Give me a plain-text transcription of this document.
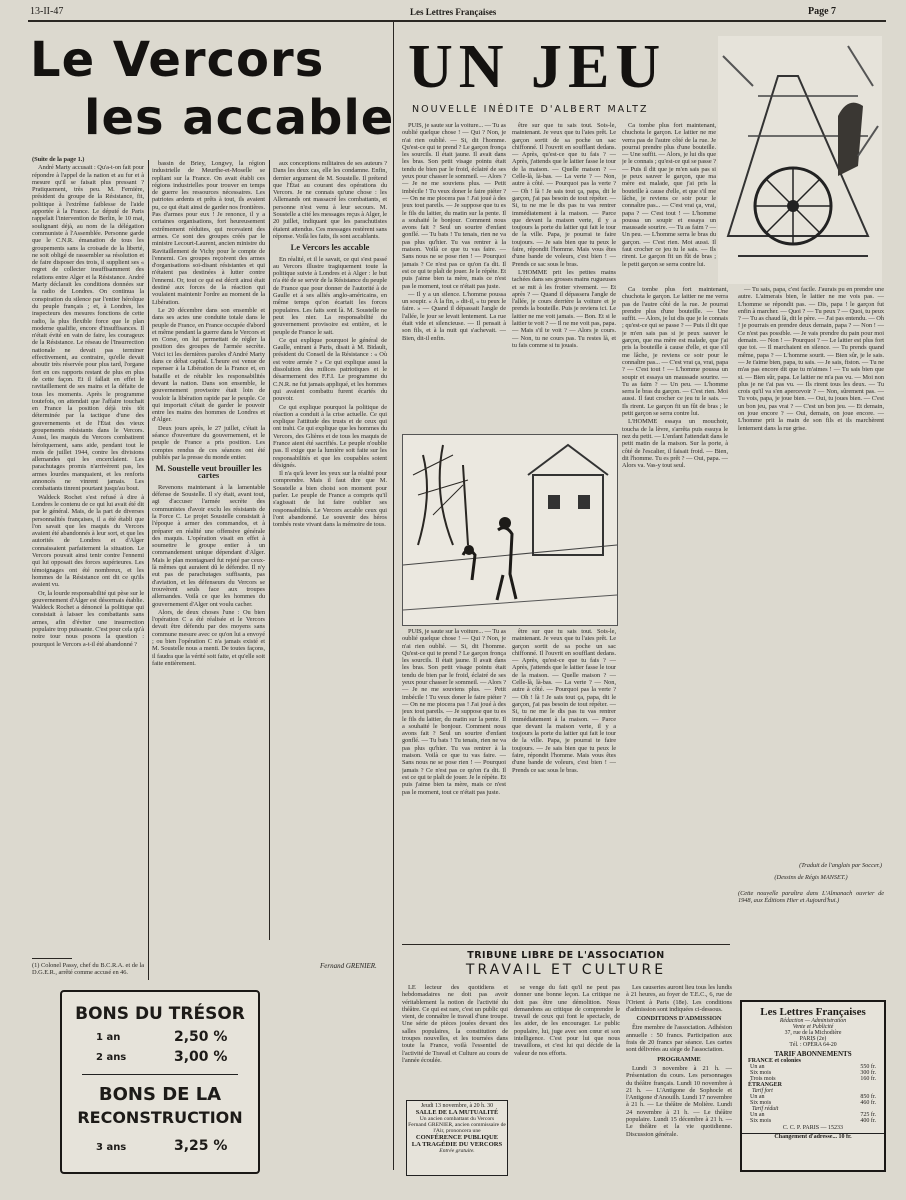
13-II-47	Les Lettres Françaises	Page 7
Le Vercors
les accable

(Suite de la page 1.)

André Marty accusait : Qu'a-t-on fait pour répondre à l'appel de la nation et au fur et à mesure qu'il se faisait plus pressant ? Pratiquement, très peu. M. Fernière, président du groupe de la Résistance, fit, politique à l'extrême faiblesse de l'aide apportée à la France. Le député de Paris rappelait l'intervention de Berlin, le 10 mai, soulignant déjà, au nom de la délégation communiste à l'Assemblée. Personne garde que le C.N.R. émanation de tous les groupements sans la croisade de la liberté, ne soit obligé de rassembler sa résolution et de faire disposer des trois, il supplient ses « regret de collecter insuffisamment des relations entre Alger et la Résistance. André Marty déclarait les conditions données sur la radio de Londres. On continua la conspiration du silence par l'entier hérolque du peuple français ; et, à Londres, les inspecteurs des mesures fonctions de cette radio, la plus flexible force que le plan moderne qualifie, encore d'insuffisances. Il n'était évité en vain de faire, les courageux de la Résistance. Le réseau de l'Insurrection nationale ne devait pas terminer effectivement, au contraire, qu'elle devait aboutir très réservée pour plus tard, l'organe fort en ces rapports restant de plus en plus de cette façon. Et il fallait en effet le ravitaillement de ses mains et la défaite de tous les moments. Après le programme toutefois, on attendait que l'affaire touchait en France la position déjà très tôt déterminée par la tactique d'une des gouvernements et de l'État des vieux groupements résistants dans le Vercors. Aussi, les maquis du Vercors combatirent héroïquement, sans aide, pendant tout le mois de juillet 1944, contre les divisions allemandes qui les encerclaient. Les parachutages promis n'arrivèrent pas, les armes lourdes manquaient, et les renforts annoncés ne vinrent jamais. Les combattants tinrent pourtant jusqu'au bout.

Waldeck Rochet s'est refusé à dire à Londres le contenu de ce qui lui avait été dit par le général. Mais, de la part de diverses personnalités françaises, il a été établi que l'on savait que les maquis du Vercors avaient été abandonnés à leur sort, et que les autorités de Londres et d'Alger connaissaient parfaitement la situation. Le Vercors pouvait ainsi tenir contre l'ennemi qui lui opposait des forces supérieures. Les témoignages ont été nombreux, et les hommes de la Résistance ont dit ce qu'ils avaient vu.

Or, la lourde responsabilité qui pèse sur le gouvernement d'Alger est désormais établie. Waldeck Rochet a dénoncé la politique qui consistait à laisser les combattants sans armes, afin d'éviter une insurrection populaire trop puissante. C'est pour cela qu'à notre tour nous posons la question : pourquoi le Vercors a-t-il été abandonné ?

(1) Colonel Passy, chef du B.C.R.A. et de la D.G.E.R., arrêté comme accusé en 46.

bassin de Briey, Longwy, la région industrielle de Meurthe-et-Moselle se repliant sur la France. On avait établi ces régions industrielles pour trouver en temps de guerre les ressources nécessaires. Les patriotes ardents et prêts à tout, ils avaient pu, ce qui était ainsi de garder nos frontières. Pas d'armes pour eux ! Je renonce, il y a certaines organisations, fort heureusement extrêmement réduites, qui recevaient des armes. Ce sont des groupes créés par le ministre Lecourt-Laurent, ancien ministre du Ravitaillement de Vichy pour le compte de l'ennemi. Ces groupes reçoivent des armes d'organisations soi-disant résistantes et qui n'étaient pas destinées à lutter contre l'ennemi. Or, tout ce qui est décrit ainsi était destiné aux forces de la réaction qui voulaient maintenir l'ordre au moment de la Libération.

Le 20 décembre dans son ensemble et dans ses actes une conduite totale dans le peuple de France, en France occupée d'abord et même pendant la guerre dans le Vercors et en Corse, on lui permettait de régler la position des groupes de l'armée secrète. Voici ici les dernières paroles d'André Marty dans ce débat capital. L'heure est venue de repenser à la Libération de la France et, en bataille et de rétablir les responsabilités devant la nation. Dans son ensemble, le gouvernement provisoire était loin de vouloir la libération rapide par le peuple. Ce qui importait c'était de garder le pouvoir entre les mains des hommes de Londres et d'Alger.

Deux jours après, le 27 juillet, c'était la séance d'ouverture du gouvernement, et le peuple de France a pris position. Les comptes rendus de ces séances ont été publiés par la presse du monde entier.

M. Soustelle veut brouiller les cartes

Revenons maintenant à la lamentable défense de Soustelle. Il s'y était, avant tout, agi d'accuser l'armée secrète des communistes d'avoir exclu les résistants de la Force C. Le projet Soustelle consistait à l'époque à armer des commandos, et à préparer en réalité une offensive générale des maquis. L'opération visait en effet à soumettre le groupe entier à un commandement unique dépendant d'Alger. Mais le plan montagnard fut rejeté par ceux-là mêmes qui auraient dû le défendre. Il n'y eut pas de parachutages suffisants, pas d'aviation, et les défenseurs du Vercors se trouvèrent seuls face aux troupes allemandes. Voilà ce que les hommes du gouvernement d'Alger ont voulu cacher.

Alors, de deux choses l'une : Ou bien l'opération C a été réalisée et le Vercors devait être défendu par des moyens sans commune mesure avec ce qu'on lui a envoyé ; ou bien l'opération C n'a jamais existé et M. Soustelle nous a menti. De toutes façons, il faudra que la vérité soit faite, et qu'elle soit faite entièrement.

aux conceptions militaires de ses auteurs ? Dans les deux cas, elle les condamne. Enfin, dernier argument de M. Soustelle. Il prétend que l'État au courant des opérations du Vercors. Je ne connais qu'une chose : les Allemands ont massacré les combattants, et personne n'est venu à leur secours. M. Soustelle a cité les messages reçus à Alger, le 20 juillet, indiquant que les parachutistes étaient attendus. Ces messages restèrent sans réponse. Voilà les faits, ils sont accablants.

Le Vercors les accable

En réalité, et il le savait, ce qui s'est passé au Vercors illustre tragiquement toute la politique suivie à Londres et à Alger : le but n'a été de se servir de la Résistance du peuple de France que pour donner de l'autorité à de Gaulle et à ses alliés anglo-américains, en même temps qu'on écartait les forces populaires. Les faits sont là. M. Soustelle ne peut les nier. La responsabilité du gouvernement provisoire est entière, et le peuple de France le sait.

Ce qui explique pourquoi le général de Gaulle, entrant à Paris, disait à M. Bidault, président du Conseil de la Résistance : « Où est votre armée ? » Ce qui explique aussi la dissolution des milices patriotiques et le désarmement des F.F.I. Le programme du C.N.R. ne fut jamais appliqué, et les hommes qui avaient combattu furent écartés du pouvoir.

Ce qui explique pourquoi la politique de réaction a conduit à la crise actuelle. Ce qui explique l'attitude des trusts et de ceux qui ont trahi. Ce qui explique que les hommes du Vercors, des Glières et de tous les maquis de France aient été sacrifiés. Le peuple n'oublie pas. Il exige que la lumière soit faite sur les responsabilités et que les coupables soient désignés.

Il n'a qu'à lever les yeux sur la réalité pour comprendre. Mais il faut dire que M. Soustelle a bien choisi son moment pour parler. Le peuple de France a compris qu'il s'agissait de lui faire oublier ses responsabilités. Le Vercors accable ceux qui l'ont abandonné. Le souvenir des héros tombés reste vivant dans la mémoire de tous.

Fernand GRENIER.
BONS DU TRÉSOR
1 an	2,50 %
2 ans	3,00 %
BONS DE LA
RECONSTRUCTION
3 ans	3,25 %
UN JEU
NOUVELLE INÉDITE D'ALBERT MALTZ

PUIS, je saute sur la voiture... — Tu as oublié quelque chose ! — Qui ? Non, je n'ai rien oublié. — Si, dit l'homme. Qu'est-ce qui te prend ? Le garçon fronça les sourcils. Il était jaune. Il avait dans les bras. Son petit visage pointu était tendu de bien par le froid, éclairé de ses yeux pour chasser le sommeil. — Alors ? — Je ne me souviens plus. — Petit imbécile ! Tu veux doner le faire piéter ? — On ne me piocera pas ! J'ai joué à des jeux tout pareils. — Je suppose que tu es le fils du laitier, du matin sur la pente. Il a souhaité le bonjour. Comment nous avons fait ? Seul un sourire d'enfant gonflé. — Tu bats ! Tu tenais, rien ne va pas plus qu'hier. Tu vas rentrer à la maison. Voilà ce que tu vas faire. — Sans nous ne se pose rien ! — Pourquoi jamais ? Ce n'est pas ce qu'on t'a dit. Il est ce qui te plaît de jouer. Je le répète. Et puis j'aime bien ta mère, mais ce n'est pas le moment, tout ce n'était pas juste.

— Il y a un silence. L'homme poussa un soupir. « À la fin, » dit-il, « tu peux le faire. » — Quand il dépassait l'angle de l'allée, le jour se levait lentement. La rue était vide et silencieuse. — Il pensait à son fils, et à la nuit qui s'achevait. — Bien, dit-il enfin.

être sur que tu sais tout. Sois-le, maintenant. Je veux que tu l'aies prêt. Le garçon sortit de sa poche un sac chiffonné. Il l'ouvrit en soufflant dedans. — Après, qu'est-ce que tu fais ? — Après, j'attends que le laitier fasse le tour de la maison. — Quelle maison ? — Celle-là, là-bas. — La verte ? — Non, autre à côté. — Pourquoi pas la verte ? — Oh ! là ! Je sais tout ça, papa, dit le garçon, j'ai pas besoin de tout répéter. — Si, tu ne me le dis pas tu vas rentrer immédiatement à la maison. — Parce que devant la maison verte, il y a toujours la porte du laitier qui fait le tour de la ville. Papa, je pourrai te faire toujours. — Je sais bien que tu peux le faire, répondit l'homme. Mais vous êtes d'une bande de voleurs, c'est bien ! — Prends ce sac sous le bras.

L'HOMME prit les petites mains tachées dans ses grosses mains rugueuses et se mit à les frotter vivement. — Et après ? — Quand il dépassera l'angle de l'allée, je cours derrière la voiture et je prends la bouteille. Puis je reviens ici. Le laitier ne me voit jamais. — Bon. Et si le laitier te voit ? — Il ne me voit pas, papa. — Mais s'il te voit ? — Alors je cours. — Non, tu ne cours pas. Tu restes là, et tu fais comme si tu jouais.

Ca tombe plus fort maintenant, chuchota le garçon. Le laitier ne me verra pas de l'autre côté de la rue. Je pourrai prendre plus d'une bouteille. — Une suffit. — Alors, je lui dis que je le connais ; qu'est-ce qui se passe ? — Puis il dit que je m'en sais pas si je peux sauver le garçon, que ma mère est malade, que j'ai pris la bouteille à cause d'elle, et que s'il me lâche, je reviens ce soir pour le connaître pas... — C'est vrai ça, vrai, papa ? — C'est tout ! — L'homme poussa un soupir et essaya un maussade sourire. — Tu as faim ? — Un peu. — L'homme serra le bras du garçon. — C'est rien. Moi aussi. Il faut crocher ce jeu tu le sais. — Ils rirent. Le garçon fit un fût de bras ; le petit garçon se serra contre lui.

Ca tombe plus fort maintenant, chuchota le garçon. Le laitier ne me verra pas de l'autre côté de la rue. Je pourrai prendre plus d'une bouteille. — Une suffit. — Alors, je lui dis que je le connais ; qu'est-ce qui se passe ? — Puis il dit que je m'en sais pas si je peux sauver le garçon, que ma mère est malade, que j'ai pris la bouteille à cause d'elle, et que s'il me lâche, je reviens ce soir pour le connaître pas... — C'est vrai ça, vrai, papa ? — C'est tout ! — L'homme poussa un soupir et essaya un maussade sourire. — Tu as faim ? — Un peu. — L'homme serra le bras du garçon. — C'est rien. Moi aussi. Il faut crocher ce jeu tu le sais. — Ils rirent. Le garçon fit un fût de bras ; le petit garçon se serra contre lui.

L'HOMME essaya un mouchoir, toucha de la lèvre, s'arrêta puis essuya le nez du petit. — L'enfant l'attendait dans le petit matin de la maison. Sur la porte, à côté de l'escalier, il faisait froid. — Bien, dit l'homme. Tu es prêt ? — Oui, papa. — Alors va. Vas-y tout seul.

— Tu sais, papa, c'est facile. J'aurais pu en prendre une autre. L'aimerais bien, le laitier ne me vois pas. — L'homme se répondit pas. — Dis, papa ! le garçon fut enfin à marcher. — Quoi ? — Tu peux ? — Quoi, tu peux ? — Tu as chaud là, dit le père. — J'ai pas entendu. — Oh ! je pourrais en prendre deux demain, papa ? — Non ! — Ce n'est pas possible. — Je vais prendre du pain pour moi demain. — Non ! — Pourquoi ? — Le laitier est plus fort que toi. — Il marchaient en silence. — Tu prends quand même, papa ? — L'homme sourit. — Bien sûr, je le sais. — Je t'aime bien, papa, tu sais. — Je sais, fiston. — Tu ne m'as pas encore dit que tu m'aimes ! — Tu sais bien que si. — Bien sûr, papa. Le laitier ne m'a pas vu. — Moi non plus je ne t'ai pas vu. — Ils rirent tous les deux. — Tu crois qu'il va s'en apercevoir ? — Non, sûrement pas. — Tu vois, papa, je joue bien. — Oui, tu joues bien. — C'est un bon jeu, pas vrai ? — C'est un bon jeu. — Et demain, on joue encore ? — Oui, demain, on joue encore. — L'homme prit la main de son fils et ils marchèrent lentement dans la rue grise.

(Traduit de l'anglais par Soccer.)
(Dessins de Régis MANSET.)
(Cette nouvelle paraîtra dans L'Almanach ouvrier de 1948, aux Éditions Hier et Aujourd'hui.)

PUIS, je saute sur la voiture... — Tu as oublié quelque chose ! — Qui ? Non, je n'ai rien oublié. — Si, dit l'homme. Qu'est-ce qui te prend ? Le garçon fronça les sourcils. Il était jaune. Il avait dans les bras. Son petit visage pointu était tendu de bien par le froid, éclairé de ses yeux pour chasser le sommeil. — Alors ? — Je ne me souviens plus. — Petit imbécile ! Tu veux doner le faire piéter ? — On ne me piocera pas ! J'ai joué à des jeux tout pareils. — Je suppose que tu es le fils du laitier, du matin sur la pente. Il a souhaité le bonjour. Comment nous avons fait ? Seul un sourire d'enfant gonflé. — Tu bats ! Tu tenais, rien ne va pas plus qu'hier. Tu vas rentrer à la maison. Voilà ce que tu vas faire. — Sans nous ne se pose rien ! — Pourquoi jamais ? Ce n'est pas ce qu'on t'a dit. Il est ce qui te plaît de jouer. Je le répète. Et puis j'aime bien ta mère, mais ce n'est pas le moment, tout ce n'était pas juste.

être sur que tu sais tout. Sois-le, maintenant. Je veux que tu l'aies prêt. Le garçon sortit de sa poche un sac chiffonné. Il l'ouvrit en soufflant dedans. — Après, qu'est-ce que tu fais ? — Après, j'attends que le laitier fasse le tour de la maison. — Quelle maison ? — Celle-là, là-bas. — La verte ? — Non, autre à côté. — Pourquoi pas la verte ? — Oh ! là ! Je sais tout ça, papa, dit le garçon, j'ai pas besoin de tout répéter. — Si, tu ne me le dis pas tu vas rentrer immédiatement à la maison. — Parce que devant la maison verte, il y a toujours la porte du laitier qui fait le tour de la ville. Papa, je pourrai te faire toujours. — Je sais bien que tu peux le faire, répondit l'homme. Mais vous êtes d'une bande de voleurs, c'est bien ! — Prends ce sac sous le bras.

TRIBUNE LIBRE DE L'ASSOCIATION
TRAVAIL ET CULTURE

LE lecteur des quotidiens et hebdomadaires ne doit pas avoir véritablement la notion de l'activité du théâtre. Ce qui est rare, c'est un public qui vient, de connaître le travail d'une troupe. Une série de pièces jouées devant des salles populaires, la constitution de troupes nouvelles, et les tournées dans toute la France, voilà l'essentiel de l'activité de Travail et Culture au cours de l'année écoulée.

se venge du fait qu'il ne peut pas donner une bonne leçon. La critique ne doit pas être une démolition. Nous demandons au critique de comprendre le travail de ceux qui font le spectacle, de les aider, de les encourager. Le public populaire, lui, juge avec son cœur et son intelligence. C'est pour lui que nous travaillons, et c'est lui qui décide de la valeur de nos efforts.

Les causeries auront lieu tous les lundis à 21 heures, au foyer de T.E.C., 6, rue de l'Orient à Paris (18e). Les conditions d'admission sont indiquées ci-dessous.

CONDITIONS D'ADMISSION

Être membre de l'association. Adhésion annuelle : 50 francs. Participation aux frais de 20 francs par séance. Les cartes sont délivrées au siège de l'association.

PROGRAMME

Lundi 3 novembre à 21 h. — Présentation du cours. Les personnages du théâtre français. Lundi 10 novembre à 21 h. — L'Antigone de Sophocle et l'Antigone d'Anouilh. Lundi 17 novembre à 21 h. — Le théâtre de Molière. Lundi 24 novembre à 21 h. — Le théâtre populaire. Lundi 15 décembre à 21 h. — Le théâtre et la vie quotidienne. Discussion générale.

Jeudi 13 novembre, à 20 h. 30
SALLE DE LA MUTUALITÉ
Un ancien combattant du Vercors
Fernand GRENIER, ancien commissaire de l'Air, prononcera une
CONFÉRENCE PUBLIQUE
LA TRAGÉDIE DU VERCORS
Entrée gratuite.
Les Lettres Françaises
Rédaction — Administration
Vente et Publicité
37, rue de la Michodière
PARIS (2e)
Tél. : OPÉRA 64-20
TARIF ABONNEMENTS
FRANCE et colonies
Un an	550 fr.
Six mois	300 fr.
Trois mois	160 fr.
ÉTRANGER
Tarif fort
Un an	850 fr.
Six mois	460 fr.
Tarif réduit
Un an	725 fr.
Six mois	400 fr.
C. C. P. PARIS — 15233
Changement d'adresse... 10 fr.
